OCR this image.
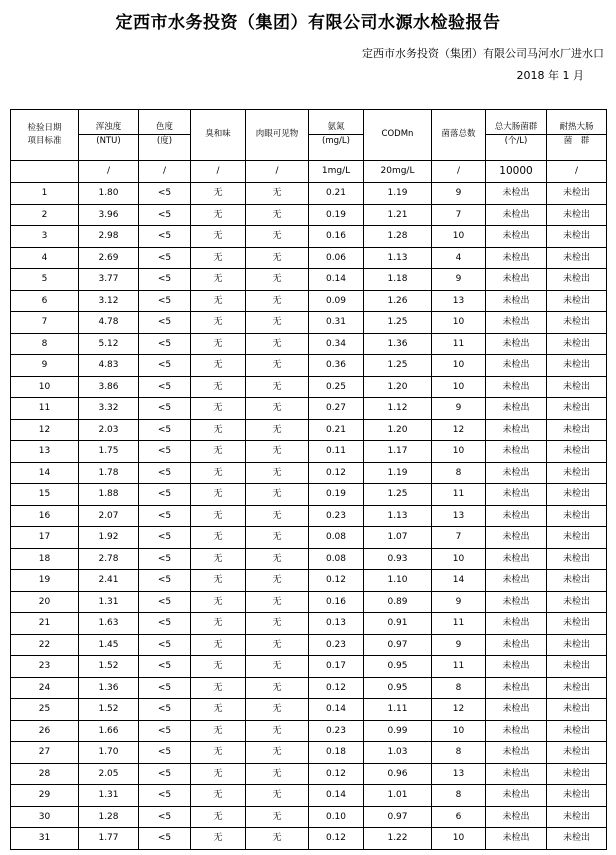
定西市水务投资（集团）有限公司水源水检验报告
定西市水务投资（集团）有限公司马河水厂进水口
2018 年 1 月
检验日期	浑浊度	色度	臭和味	肉眼可见物	氨氮	CODMn	菌落总数	总大肠菌群	耐热大肠
项目标准	(NTU)	(度)			(mg/L)			(个/L)	菌　群
	/	/	/	/	1mg/L	20mg/L	/	10000	/
1	1.80	<5	无	无	0.21	1.19	9	未检出	未检出
2	3.96	<5	无	无	0.19	1.21	7	未检出	未检出
3	2.98	<5	无	无	0.16	1.28	10	未检出	未检出
4	2.69	<5	无	无	0.06	1.13	4	未检出	未检出
5	3.77	<5	无	无	0.14	1.18	9	未检出	未检出
6	3.12	<5	无	无	0.09	1.26	13	未检出	未检出
7	4.78	<5	无	无	0.31	1.25	10	未检出	未检出
8	5.12	<5	无	无	0.34	1.36	11	未检出	未检出
9	4.83	<5	无	无	0.36	1.25	10	未检出	未检出
10	3.86	<5	无	无	0.25	1.20	10	未检出	未检出
11	3.32	<5	无	无	0.27	1.12	9	未检出	未检出
12	2.03	<5	无	无	0.21	1.20	12	未检出	未检出
13	1.75	<5	无	无	0.11	1.17	10	未检出	未检出
14	1.78	<5	无	无	0.12	1.19	8	未检出	未检出
15	1.88	<5	无	无	0.19	1.25	11	未检出	未检出
16	2.07	<5	无	无	0.23	1.13	13	未检出	未检出
17	1.92	<5	无	无	0.08	1.07	7	未检出	未检出
18	2.78	<5	无	无	0.08	0.93	10	未检出	未检出
19	2.41	<5	无	无	0.12	1.10	14	未检出	未检出
20	1.31	<5	无	无	0.16	0.89	9	未检出	未检出
21	1.63	<5	无	无	0.13	0.91	11	未检出	未检出
22	1.45	<5	无	无	0.23	0.97	9	未检出	未检出
23	1.52	<5	无	无	0.17	0.95	11	未检出	未检出
24	1.36	<5	无	无	0.12	0.95	8	未检出	未检出
25	1.52	<5	无	无	0.14	1.11	12	未检出	未检出
26	1.66	<5	无	无	0.23	0.99	10	未检出	未检出
27	1.70	<5	无	无	0.18	1.03	8	未检出	未检出
28	2.05	<5	无	无	0.12	0.96	13	未检出	未检出
29	1.31	<5	无	无	0.14	1.01	8	未检出	未检出
30	1.28	<5	无	无	0.10	0.97	6	未检出	未检出
31	1.77	<5	无	无	0.12	1.22	10	未检出	未检出
